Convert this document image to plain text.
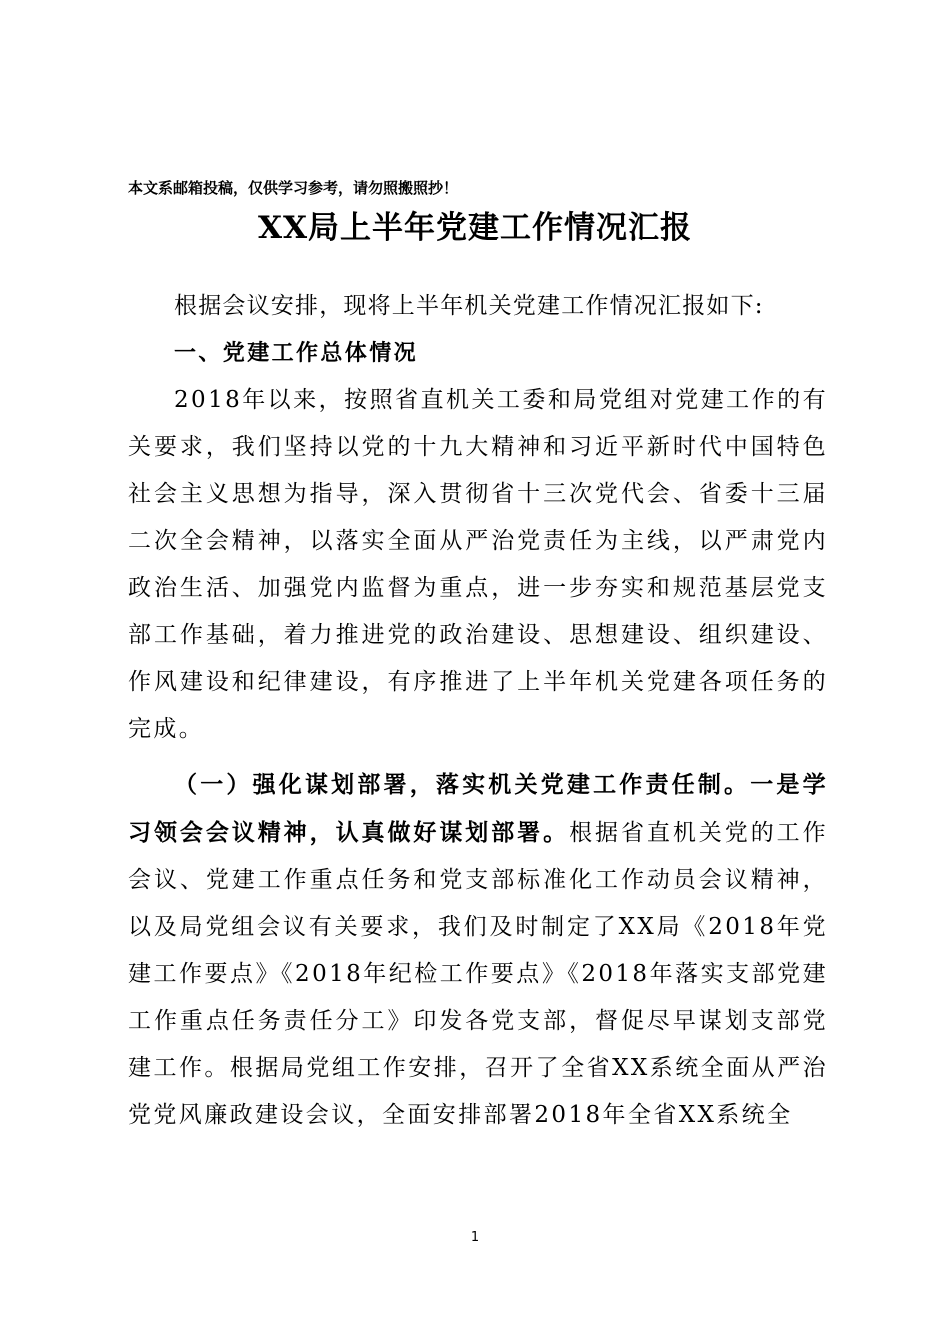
本文系邮箱投稿，仅供学习参考，请勿照搬照抄！
XX局上半年党建工作情况汇报

根据会议安排，现将上半年机关党建工作情况汇报如下:

一、党建工作总体情况

2018年以来，按照省直机关工委和局党组对党建工作的有关要求，我们坚持以党的十九大精神和习近平新时代中国特色社会主义思想为指导，深入贯彻省十三次党代会、省委十三届二次全会精神，以落实全面从严治党责任为主线，以严肃党内政治生活、加强党内监督为重点，进一步夯实和规范基层党支部工作基础，着力推进党的政治建设、思想建设、组织建设、作风建设和纪律建设，有序推进了上半年机关党建各项任务的完成。

（一）强化谋划部署，落实机关党建工作责任制。一是学习领会会议精神，认真做好谋划部署。根据省直机关党的工作会议、党建工作重点任务和党支部标准化工作动员会议精神，以及局党组会议有关要求，我们及时制定了XX局《2018年党建工作要点》《2018年纪检工作要点》《2018年落实支部党建工作重点任务责任分工》印发各党支部，督促尽早谋划支部党建工作。根据局党组工作安排，召开了全省XX系统全面从严治党党风廉政建设会议，全面安排部署2018年全省XX系统全

1
